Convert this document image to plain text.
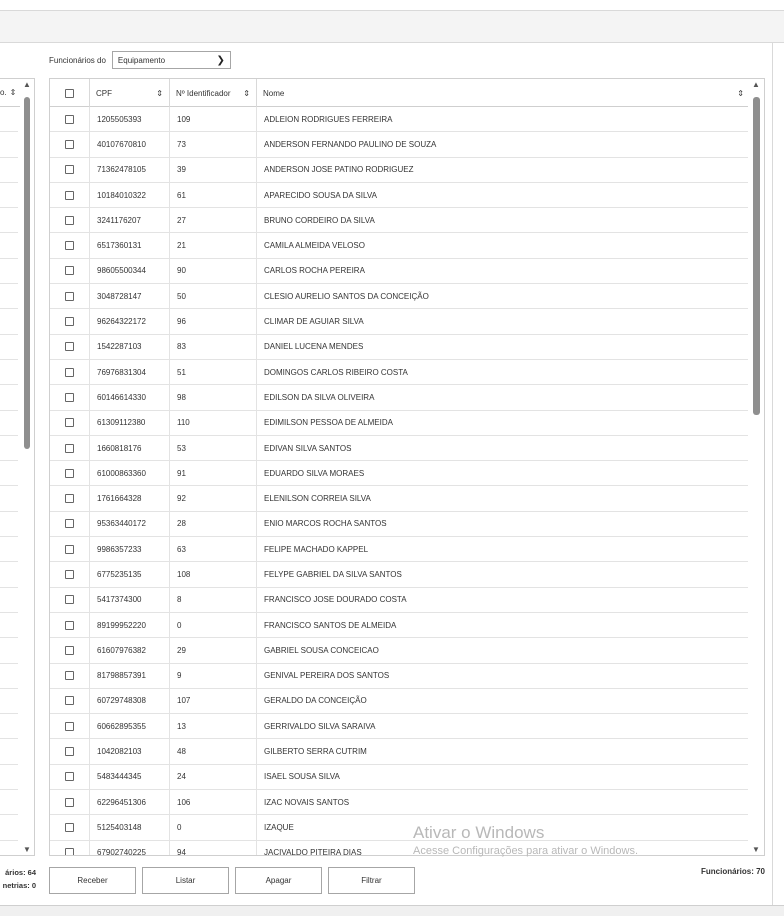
Funcionários do Equipamento	❯
o. ⇕
▲
▼
ários: 64
netrias: 0
CPF	⇕ Nº Identificador ⇕ Nome	⇕
1205505393	109	ADLEION RODRIGUES FERREIRA
40107670810	73	ANDERSON FERNANDO PAULINO DE SOUZA
71362478105	39	ANDERSON JOSE PATINO RODRIGUEZ
10184010322	61	APARECIDO SOUSA DA SILVA
3241176207	27	BRUNO CORDEIRO DA SILVA
6517360131	21	CAMILA ALMEIDA VELOSO
98605500344	90	CARLOS ROCHA PEREIRA
3048728147	50	CLESIO AURELIO SANTOS DA CONCEIÇÃO
96264322172	96	CLIMAR DE AGUIAR SILVA
1542287103	83	DANIEL LUCENA MENDES
76976831304	51	DOMINGOS CARLOS RIBEIRO COSTA
60146614330	98	EDILSON DA SILVA OLIVEIRA
61309112380	110	EDIMILSON PESSOA DE ALMEIDA
1660818176	53	EDIVAN SILVA SANTOS
61000863360	91	EDUARDO SILVA MORAES
1761664328	92	ELENILSON CORREIA SILVA
95363440172	28	ENIO MARCOS ROCHA SANTOS
9986357233	63	FELIPE MACHADO KAPPEL
6775235135	108	FELYPE GABRIEL DA SILVA SANTOS
5417374300	8	FRANCISCO JOSE DOURADO COSTA
89199952220	0	FRANCISCO SANTOS DE ALMEIDA
61607976382	29	GABRIEL SOUSA CONCEICAO
81798857391	9	GENIVAL PEREIRA DOS SANTOS
60729748308	107	GERALDO DA CONCEIÇÃO
60662895355	13	GERRIVALDO SILVA SARAIVA
1042082103	48	GILBERTO SERRA CUTRIM
5483444345	24	ISAEL SOUSA SILVA
62296451306	106	IZAC NOVAIS SANTOS
5125403148	0	IZAQUE
67902740225	94	JACIVALDO PITEIRA DIAS
▲
▼
Receber	Listar	Apagar	Filtrar
Funcionários: 70
Ativar o Windows
Acesse Configurações para ativar o Windows.
